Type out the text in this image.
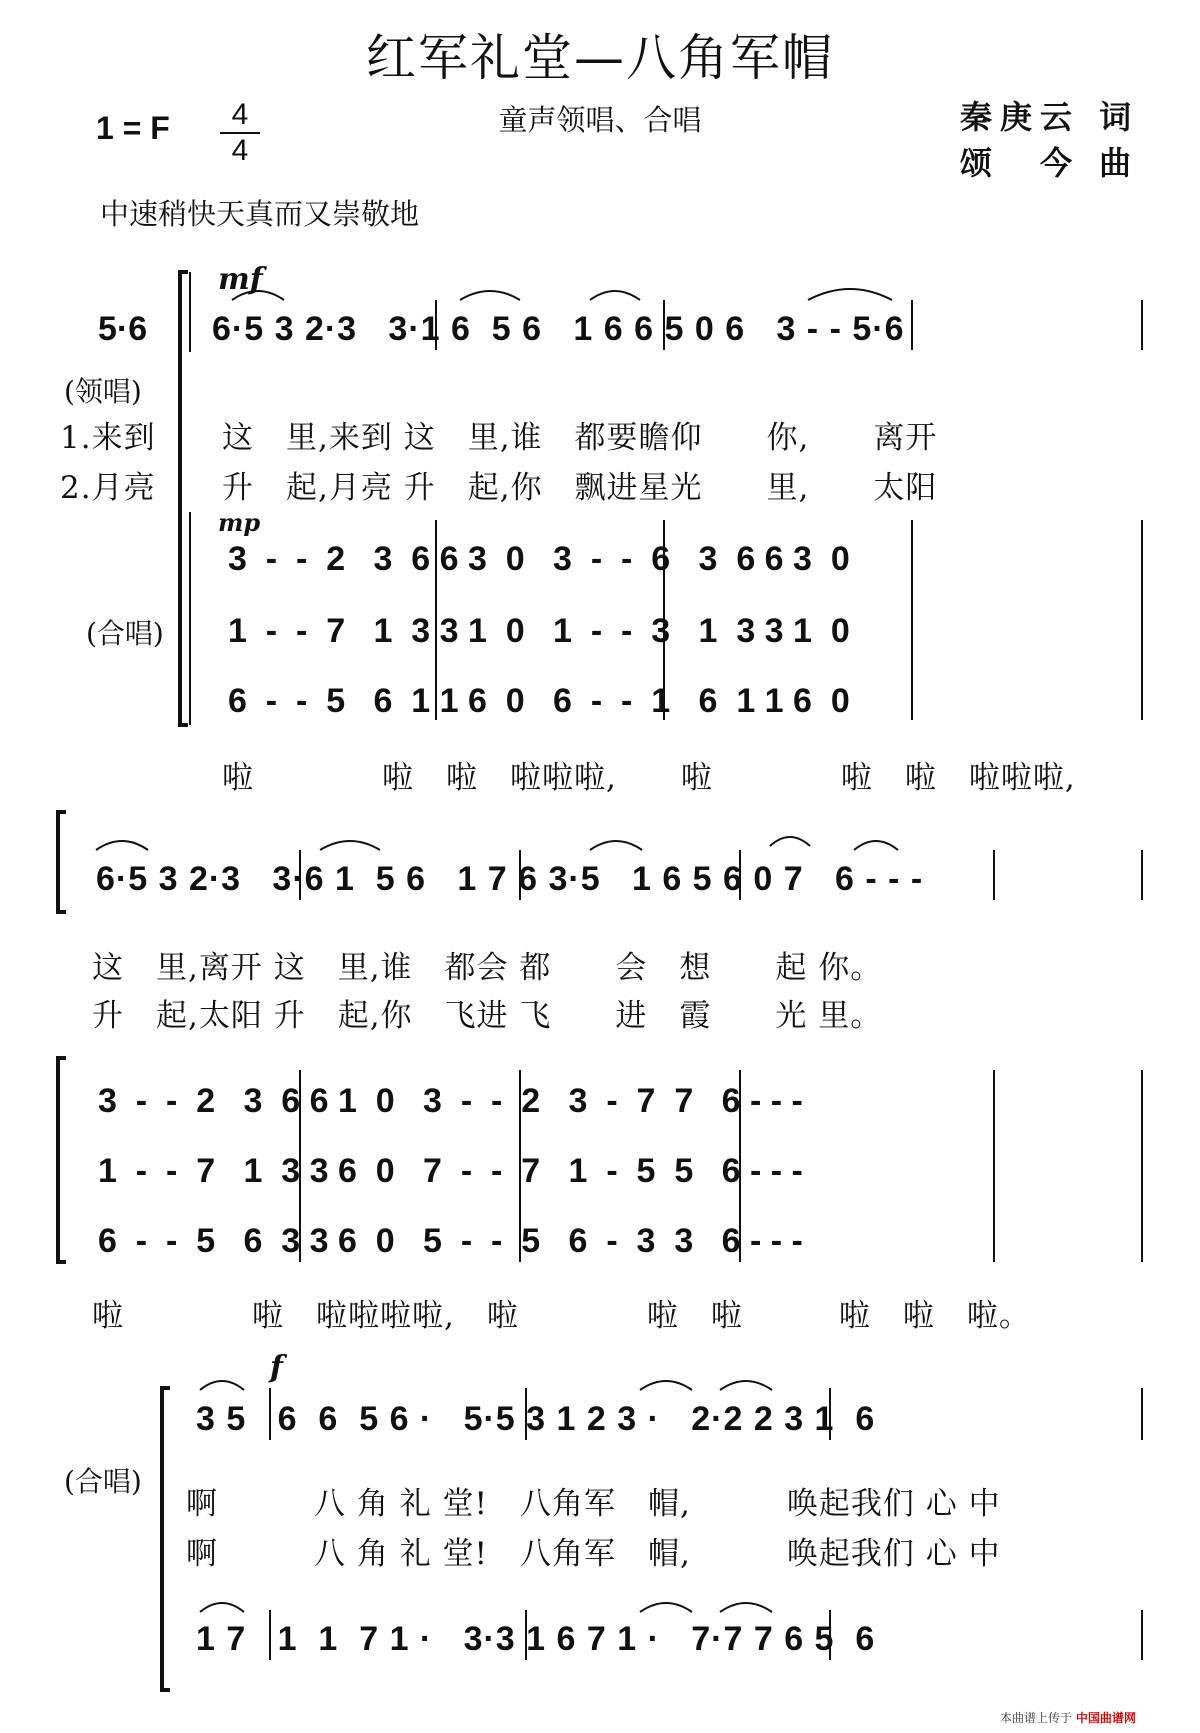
红军礼堂—八角军帽
1 = F	4
4
童声领唱、合唱	秦庚云 词
颂　今 曲
中速稍快天真而又崇敬地
mf
5·6
(领唱)
6·5 3 2·3   3·1 6  5 6   1 6 6 5 0 6   3 - - 5·6
1.来到
2.月亮
这　里,来到 这　里,谁　都要瞻仰　　你,　　离开
升　起,月亮 升　起,你　飘进星光　　里,　　太阳
mp
3  -  -  2   3  6 6 3  0   3  -  -  6   3  6 6 3  0
(合唱) 1  -  -  7   1  3 3 1  0   1  -  -  3   1  3 3 1  0
6  -  -  5   6  1 1 6  0   6  -  -  1   6  1 1 6  0
啦　　　　啦　啦　啦啦啦,　　啦　　　　啦　啦　啦啦啦,
6·5 3 2·3   3·6 1  5 6   1 7 6 3·5   1 6 5 6 0 7   6 - - -
这　里,离开 这　里,谁　都会 都　　会　想　　起 你。
升　起,太阳 升　起,你　飞进 飞　　进　霞　　光 里。
3  -  -  2   3  6 6 1  0   3  -  -  2   3  -  7  7   6 - - -
1  -  -  7   1  3 3 6  0   7  -  -  7   1  -  5  5   6 - - -
6  -  -  5   6  3 3 6  0   5  -  -  5   6  -  3  3   6 - - -
啦　　　　啦　啦啦啦啦,　啦　　　　啦　啦　　　啦　啦　啦。
f
(合唱)
3 5   6  6  5 6 ·   5·5 3 1 2 3 ·   2·2 2 3 1  6
啊　　　八 角 礼 堂!　八角军　帽,　　　唤起我们 心 中
啊　　　八 角 礼 堂!　八角军　帽,　　　唤起我们 心 中
1 7   1  1  7 1 ·   3·3 1 6 7 1 ·   7·7 7 6 5  6
本曲谱上传于 中国曲谱网
